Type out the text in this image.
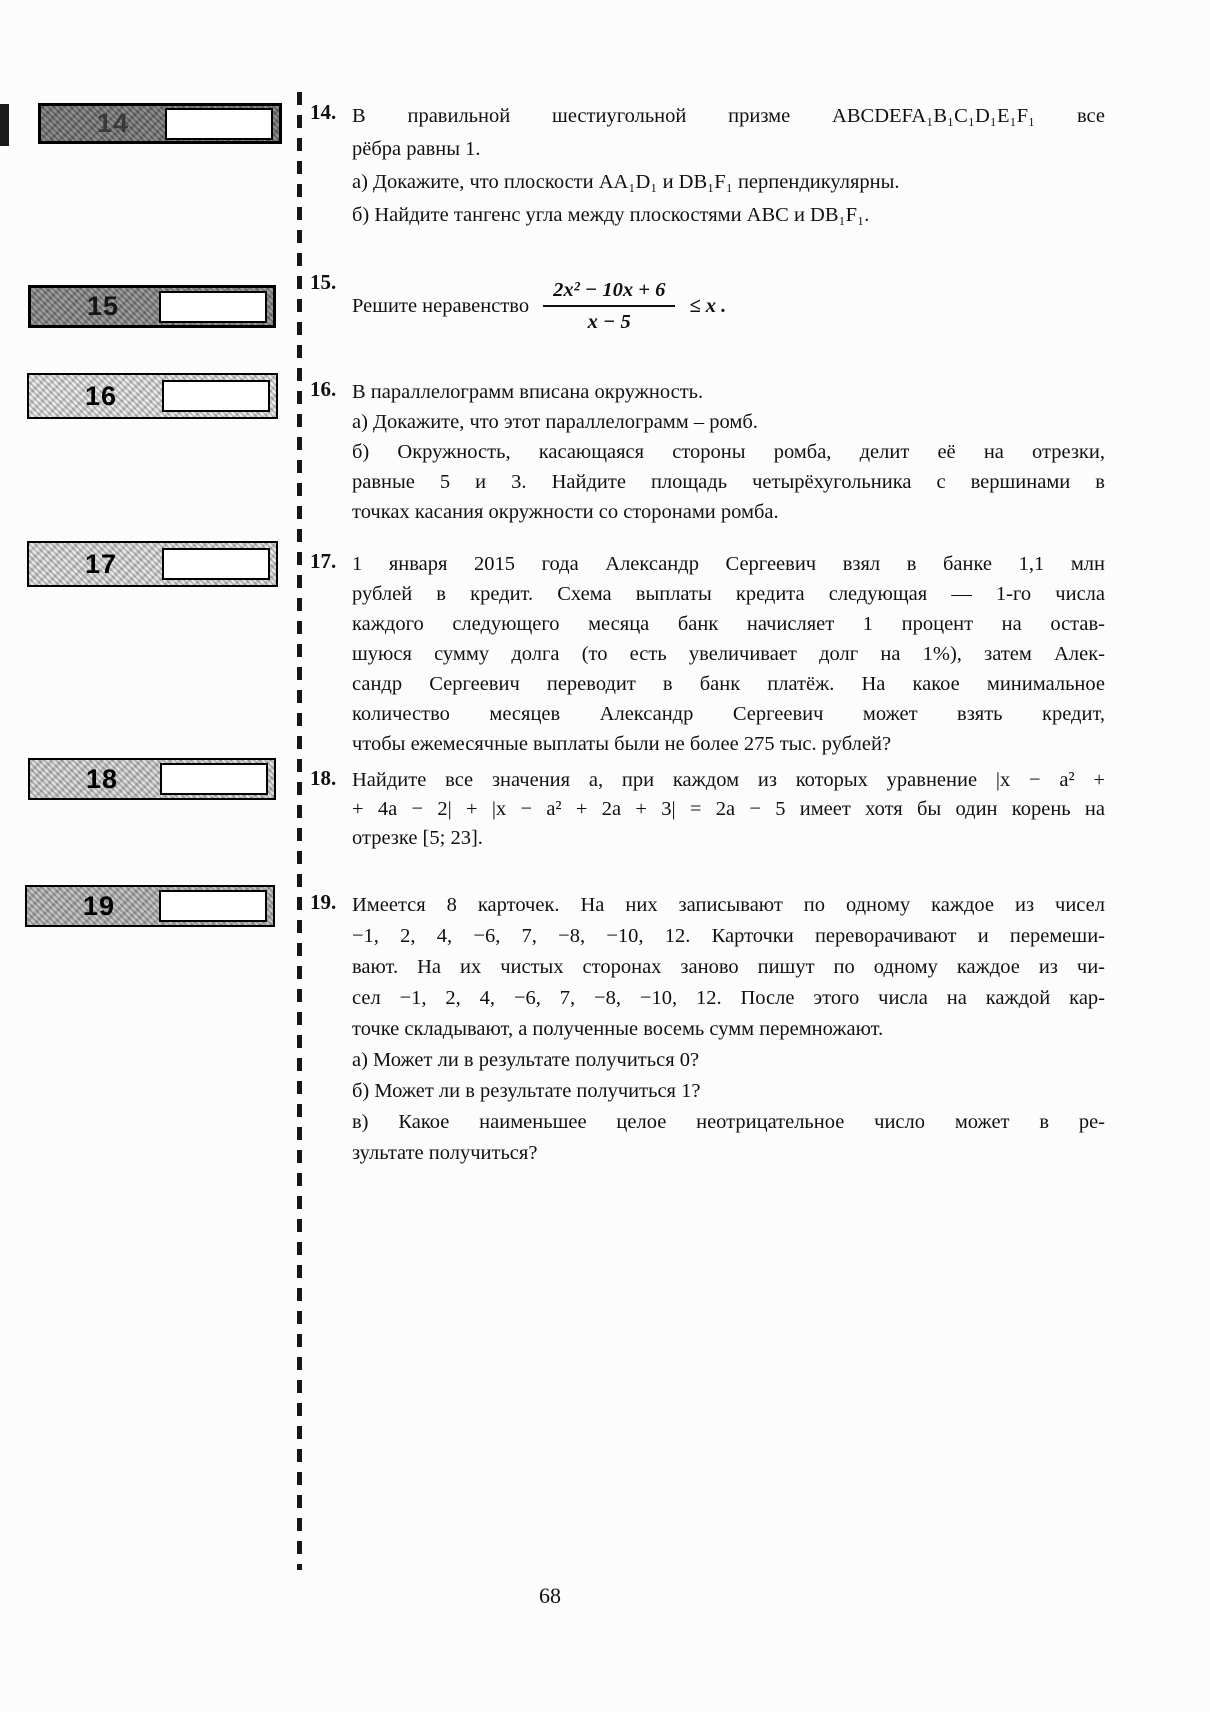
14
15
16
17
18
19
14. В правильной шестиугольной призме ABCDEFA₁B₁C₁D₁E₁F₁ все
рёбра равны 1.
а) Докажите, что плоскости AA₁D₁ и DB₁F₁ перпендикулярны.
б) Найдите тангенс угла между плоскостями ABC и DB₁F₁.
15.
Решите неравенство $\frac{\text{2x² − 10x + 6}}{x - 5} \le x$ .
16. В параллелограмм вписана окружность.
а) Докажите, что этот параллелограмм – ромб.
б) Окружность, касающаяся стороны ромба, делит её на отрезки,
равные 5 и 3. Найдите площадь четырёхугольника с вершинами в
точках касания окружности со сторонами ромба.
17. 1 января 2015 года Александр Сергеевич взял в банке 1,1 млн
рублей в кредит. Схема выплаты кредита следующая — 1-го числа
каждого следующего месяца банк начисляет 1 процент на остав-
шуюся сумму долга (то есть увеличивает долг на 1%), затем Алек-
сандр Сергеевич переводит в банк платёж. На какое минимальное
количество месяцев Александр Сергеевич может взять кредит,
чтобы ежемесячные выплаты были не более 275 тыс. рублей?
18. Найдите все значения a, при каждом из которых уравнение |x − a² +
+ 4a − 2| + |x − a² + 2a + 3| = 2a − 5 имеет хотя бы один корень на
отрезке [5; 23].
19. Имеется 8 карточек. На них записывают по одному каждое из чисел
−1, 2, 4, −6, 7, −8, −10, 12. Карточки переворачивают и перемеши-
вают. На их чистых сторонах заново пишут по одному каждое из чи-
сел −1, 2, 4, −6, 7, −8, −10, 12. После этого числа на каждой кар-
точке складывают, а полученные восемь сумм перемножают.
а) Может ли в результате получиться 0?
б) Может ли в результате получиться 1?
в) Какое наименьшее целое неотрицательное число может в ре-
зультате получиться?
68
